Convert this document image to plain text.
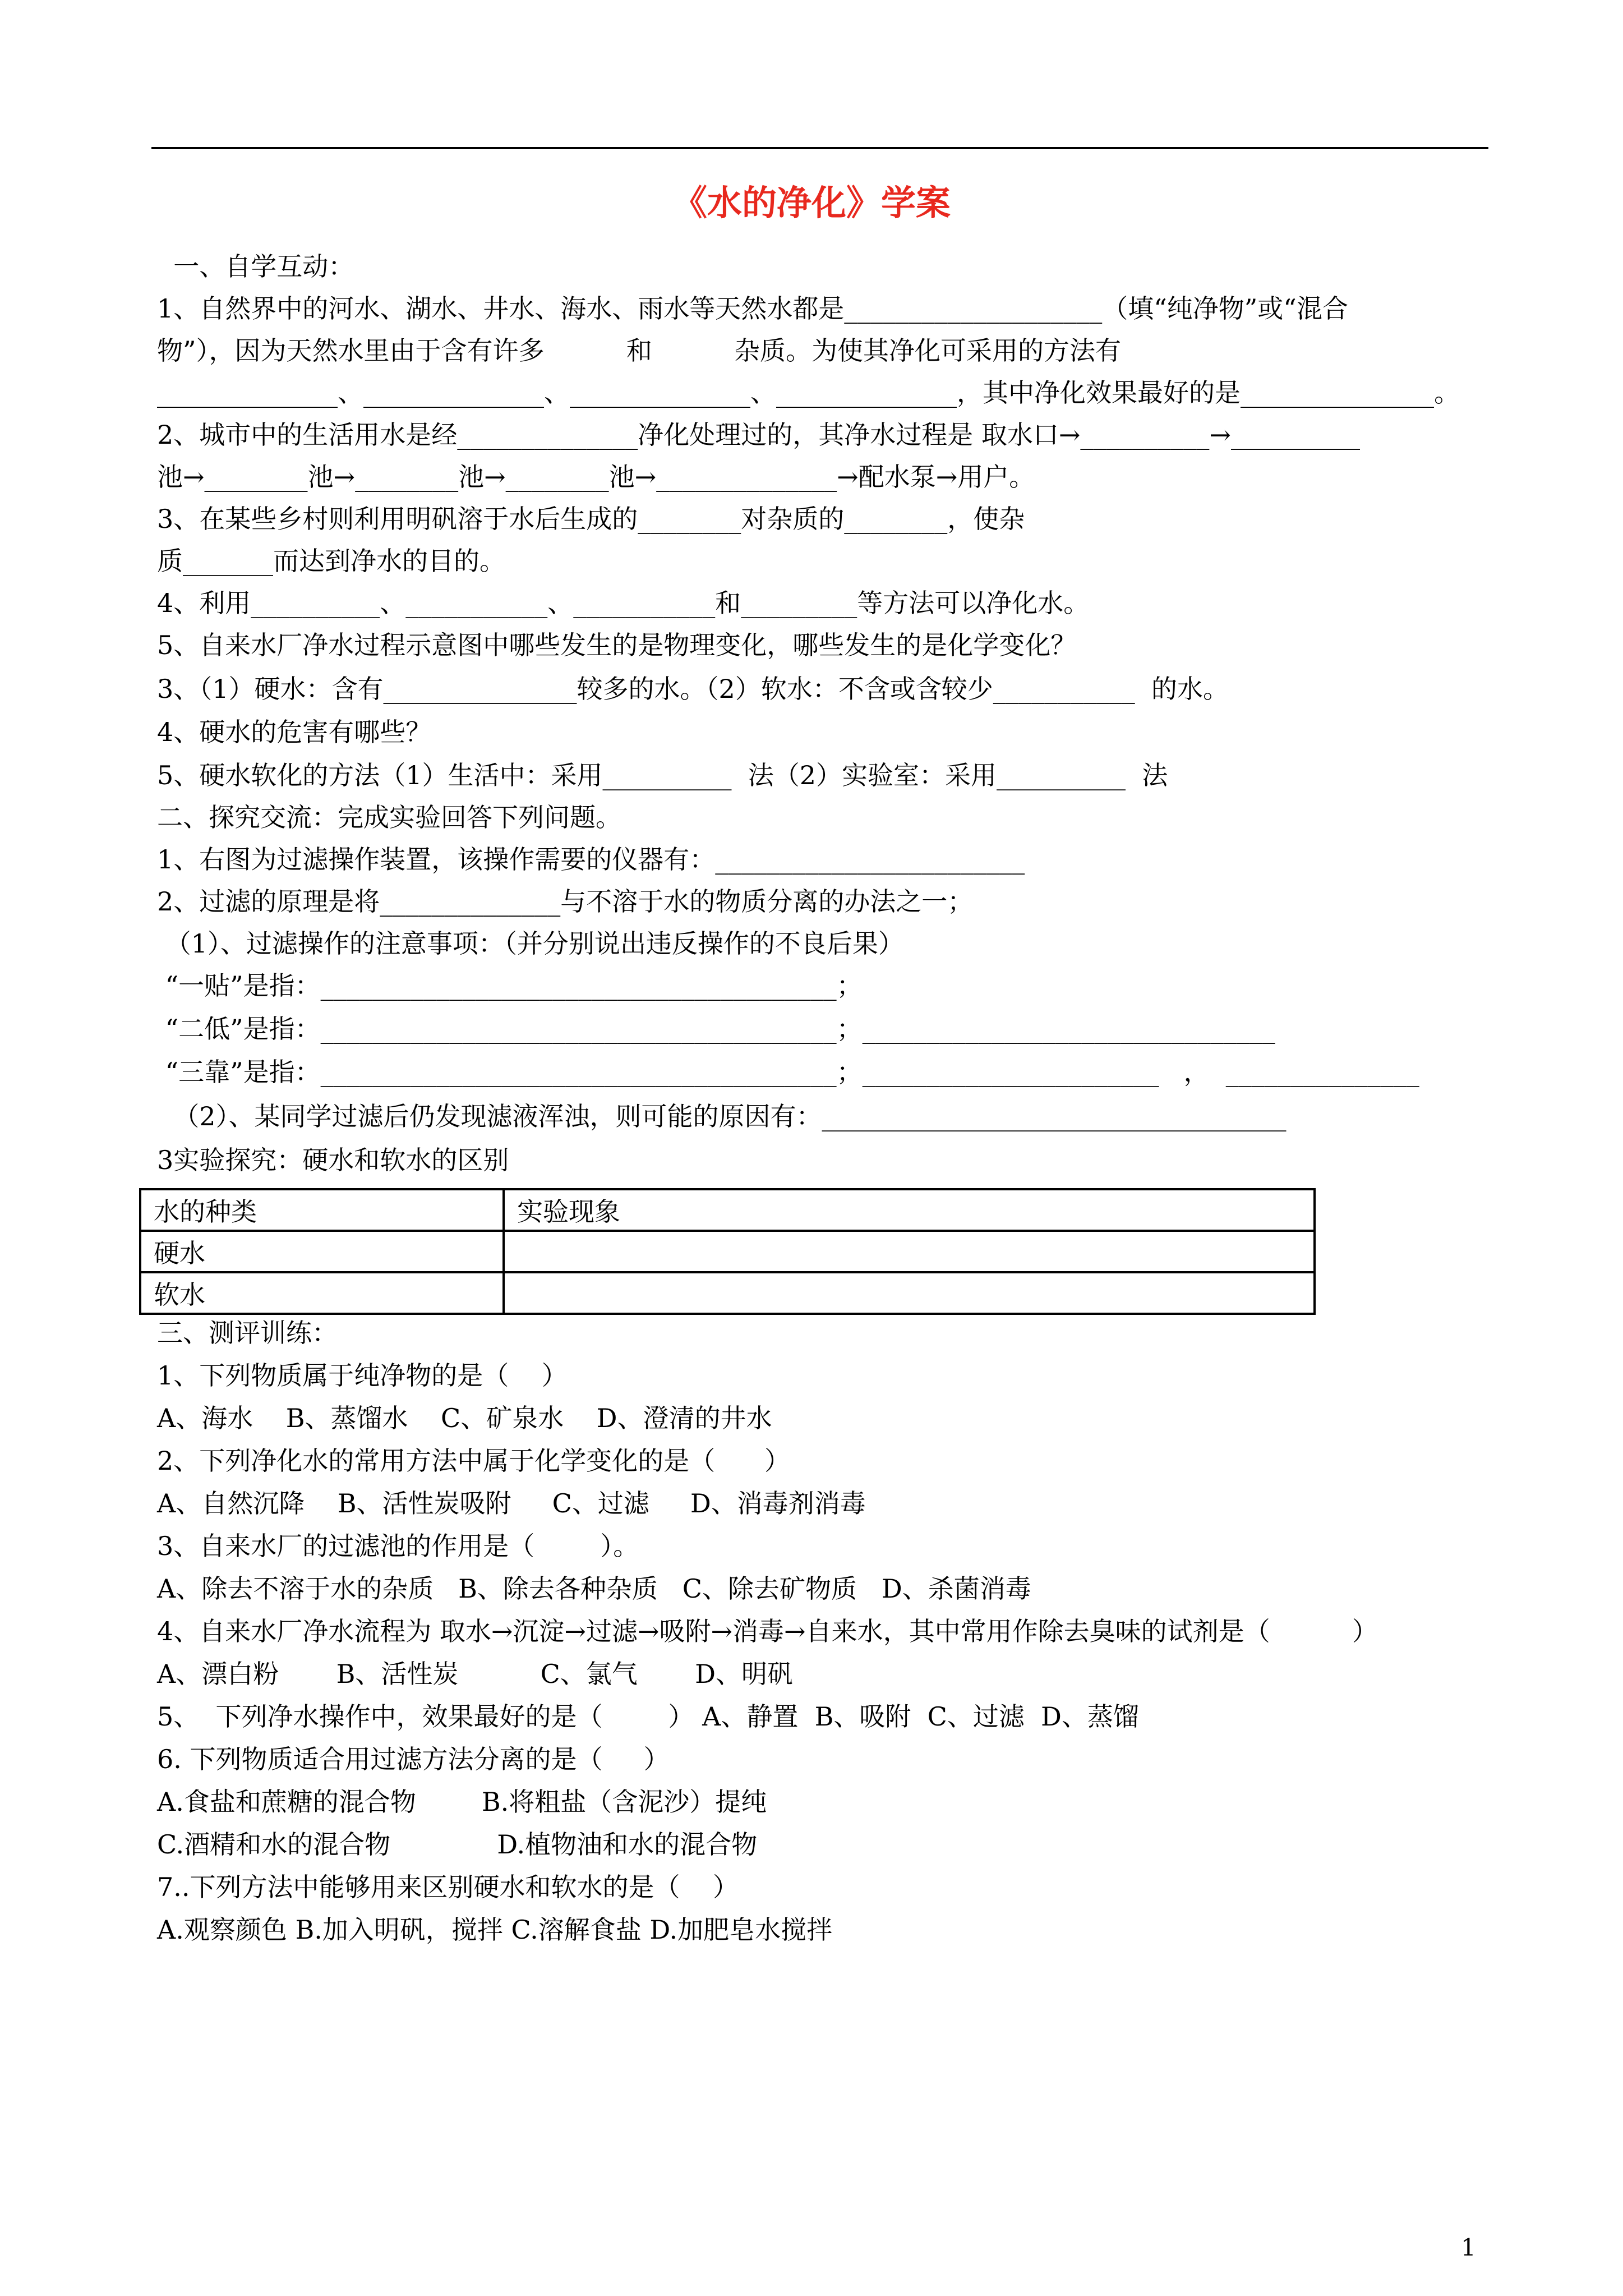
《水的净化》学案
一、自学互动：
1、自然界中的河水、湖水、井水、海水、雨水等天然水都是____________________（填“纯净物”或“混合
物”），因为天然水里由于含有许多          和          杂质。为使其净化可采用的方法有
______________、______________、______________、______________，其中净化效果最好的是_______________。
2、城市中的生活用水是经______________净化处理过的，其净水过程是 取水口→__________→__________
池→________池→________池→________池→______________→配水泵→用户。
3、在某些乡村则利用明矾溶于水后生成的________对杂质的________，使杂
质_______而达到净水的目的。
4、利用__________、___________、___________和_________等方法可以净化水。
5、自来水厂净水过程示意图中哪些发生的是物理变化，哪些发生的是化学变化？
3、（1）硬水：含有_______________较多的水。（2）软水：不含或含较少___________  的水。
4、硬水的危害有哪些？
5、硬水软化的方法（1）生活中：采用__________  法（2）实验室：采用__________  法
二、探究交流：完成实验回答下列问题。
1、右图为过滤操作装置，该操作需要的仪器有：________________________
2、过滤的原理是将______________与不溶于水的物质分离的办法之一；
（1）、过滤操作的注意事项：（并分别说出违反操作的不良后果）
“一贴”是指：________________________________________；
“二低”是指：________________________________________；________________________________
“三靠”是指：________________________________________；_______________________   ，  _______________
（2）、某同学过滤后仍发现滤液浑浊，则可能的原因有：____________________________________
3实验探究：硬水和软水的区别
水的种类	实验现象
硬水	
软水	
三、测评训练：
1、下列物质属于纯净物的是（    ）
A、海水    B、蒸馏水    C、矿泉水    D、澄清的井水
2、下列净化水的常用方法中属于化学变化的是（      ）
A、自然沉降    B、活性炭吸附     C、过滤     D、消毒剂消毒
3、自来水厂的过滤池的作用是（        ）。
A、除去不溶于水的杂质   B、除去各种杂质   C、除去矿物质   D、杀菌消毒
4、自来水厂净水流程为 取水→沉淀→过滤→吸附→消毒→自来水，其中常用作除去臭味的试剂是（          ）
A、漂白粉       B、活性炭          C、氯气       D、明矾
5、  下列净水操作中，效果最好的是（        ） A、静置  B、吸附  C、过滤  D、蒸馏
6. 下列物质适合用过滤方法分离的是（     ）
A.食盐和蔗糖的混合物        B.将粗盐（含泥沙）提纯
C.酒精和水的混合物             D.植物油和水的混合物
7..下列方法中能够用来区别硬水和软水的是（    ）
A.观察颜色 B.加入明矾，搅拌 C.溶解食盐 D.加肥皂水搅拌
1
